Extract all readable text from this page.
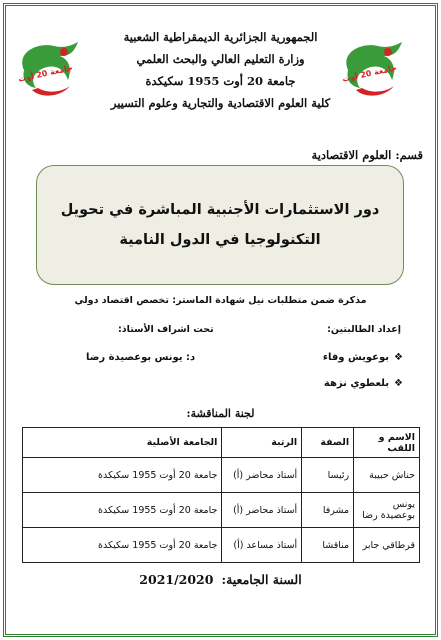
جامعة 20 أوت	جامعة 20 أوت
الجمهورية الجزائرية الديمقراطية الشعبية
وزارة التعليم العالي والبحث العلمي
جامعة 20 أوت 1955 سكيكدة
كلية العلوم الاقتصادية والتجارية وعلوم التسيير
قسم: العلوم الاقتصادية
دور الاستثمارات الأجنبية المباشرة في تحويل التكنولوجيا في الدول النامية
مذكرة ضمن متطلبات نيل شهادة الماستر: تخصص اقتصاد دولي
إعداد الطالبتين:
تحت اشراف الأستاذ:
❖بوعويش وفاء
❖بلعطوي نزهة
د: يونس بوعصيدة رضا
لجنة المناقشة:
الاسم و اللقب	الصفة	الرتبة	الجامعة الأصلية
حناش حبيبة	رئيسا	أستاذ محاضر (أ)	جامعة 20 أوت 1955 سكيكدة
يونس بوعصيدة رضا	مشرفا	أستاذ محاضر (أ)	جامعة 20 أوت 1955 سكيكدة
قرطاقي جابر	مناقشا	أستاذ مساعد (أ)	جامعة 20 أوت 1955 سكيكدة
السنة الجامعية:2021/2020
